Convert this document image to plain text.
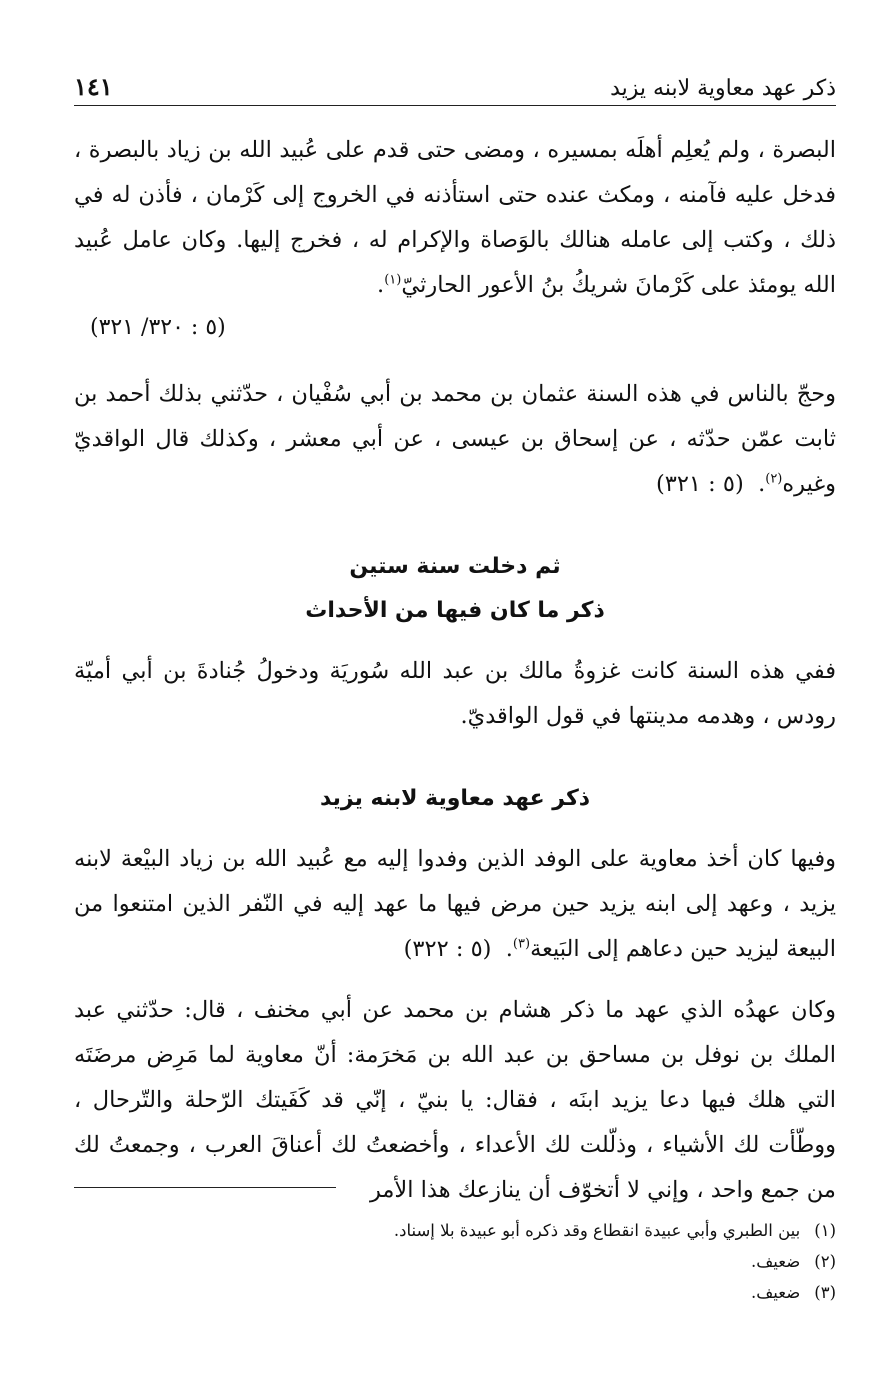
ذكر عهد معاوية لابنه يزيد
١٤١

البصرة ، ولم يُعلِم أهلَه بمسيره ، ومضى حتى قدم على عُبيد الله بن زياد بالبصرة ، فدخل عليه فآمنه ، ومكث عنده حتى استأذنه في الخروج إلى كَرْمان ، فأذن له في ذلك ، وكتب إلى عامله هنالك بالوَصاة والإكرام له ، فخرج إليها. وكان عامل عُبيد الله يومئذ على كَرْمانَ شريكُ بنُ الأعور الحارثيّ$^{(١)}$.

(٥ : ٣٢٠/ ٣٢١)

وحجّ بالناس في هذه السنة عثمان بن محمد بن أبي سُفْيان ، حدّثني بذلك أحمد بن ثابت عمّن حدّثه ، عن إسحاق بن عيسى ، عن أبي معشر ، وكذلك قال الواقديّ وغيره$^{(٢)}$.  (٥ : ٣٢١)

ثم دخلت سنة ستين
ذكر ما كان فيها من الأحداث

ففي هذه السنة كانت غزوةُ مالك بن عبد الله سُوريَة ودخولُ جُنادةَ بن أبي أميّة رودس ، وهدمه مدينتها في قول الواقديّ.

ذكر عهد معاوية لابنه يزيد

وفيها كان أخذ معاوية على الوفد الذين وفدوا إليه مع عُبيد الله بن زياد البيْعة لابنه يزيد ، وعهد إلى ابنه يزيد حين مرض فيها ما عهد إليه في النّفر الذين امتنعوا من البيعة ليزيد حين دعاهم إلى البَيعة$^{(٣)}$.  (٥ : ٣٢٢)

وكان عهدُه الذي عهد ما ذكر هشام بن محمد عن أبي مخنف ، قال: حدّثني عبد الملك بن نوفل بن مساحق بن عبد الله بن مَخرَمة: أنّ معاوية لما مَرِض مرضَتَه التي هلك فيها دعا يزيد ابنَه ، فقال: يا بنيّ ، إنّي قد كَفَيتك الرّحلة والتّرحال ، ووطّأت لك الأشياء ، وذلّلت لك الأعداء ، وأخضعتُ لك أعناقَ العرب ، وجمعتُ لك من جمع واحد ، وإني لا أتخوّف أن ينازعك هذا الأمر

(١)
بين الطبري وأبي عبيدة انقطاع وقد ذكره أبو عبيدة بلا إسناد.
(٢)
ضعيف.
(٣)
ضعيف.
